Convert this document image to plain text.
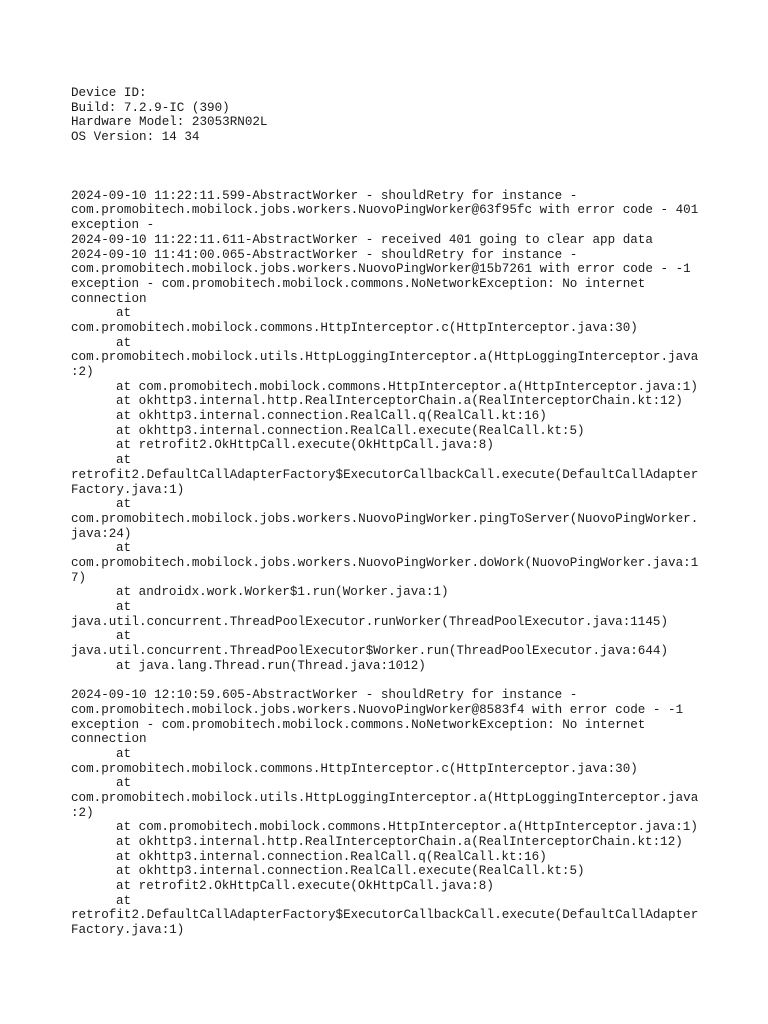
Device ID:
Build: 7.2.9-IC (390)
Hardware Model: 23053RN02L
OS Version: 14 34
2024-09-10 11:22:11.599-AbstractWorker - shouldRetry for instance -
com.promobitech.mobilock.jobs.workers.NuovoPingWorker@63f95fc with error code - 401
exception -
2024-09-10 11:22:11.611-AbstractWorker - received 401 going to clear app data
2024-09-10 11:41:00.065-AbstractWorker - shouldRetry for instance -
com.promobitech.mobilock.jobs.workers.NuovoPingWorker@15b7261 with error code - -1
exception - com.promobitech.mobilock.commons.NoNetworkException: No internet
connection
at
com.promobitech.mobilock.commons.HttpInterceptor.c(HttpInterceptor.java:30)
at
com.promobitech.mobilock.utils.HttpLoggingInterceptor.a(HttpLoggingInterceptor.java
:2)
at com.promobitech.mobilock.commons.HttpInterceptor.a(HttpInterceptor.java:1)
at okhttp3.internal.http.RealInterceptorChain.a(RealInterceptorChain.kt:12)
at okhttp3.internal.connection.RealCall.q(RealCall.kt:16)
at okhttp3.internal.connection.RealCall.execute(RealCall.kt:5)
at retrofit2.OkHttpCall.execute(OkHttpCall.java:8)
at
retrofit2.DefaultCallAdapterFactory$ExecutorCallbackCall.execute(DefaultCallAdapter
Factory.java:1)
at
com.promobitech.mobilock.jobs.workers.NuovoPingWorker.pingToServer(NuovoPingWorker.
java:24)
at
com.promobitech.mobilock.jobs.workers.NuovoPingWorker.doWork(NuovoPingWorker.java:1
7)
at androidx.work.Worker$1.run(Worker.java:1)
at
java.util.concurrent.ThreadPoolExecutor.runWorker(ThreadPoolExecutor.java:1145)
at
java.util.concurrent.ThreadPoolExecutor$Worker.run(ThreadPoolExecutor.java:644)
at java.lang.Thread.run(Thread.java:1012)
2024-09-10 12:10:59.605-AbstractWorker - shouldRetry for instance -
com.promobitech.mobilock.jobs.workers.NuovoPingWorker@8583f4 with error code - -1
exception - com.promobitech.mobilock.commons.NoNetworkException: No internet
connection
at
com.promobitech.mobilock.commons.HttpInterceptor.c(HttpInterceptor.java:30)
at
com.promobitech.mobilock.utils.HttpLoggingInterceptor.a(HttpLoggingInterceptor.java
:2)
at com.promobitech.mobilock.commons.HttpInterceptor.a(HttpInterceptor.java:1)
at okhttp3.internal.http.RealInterceptorChain.a(RealInterceptorChain.kt:12)
at okhttp3.internal.connection.RealCall.q(RealCall.kt:16)
at okhttp3.internal.connection.RealCall.execute(RealCall.kt:5)
at retrofit2.OkHttpCall.execute(OkHttpCall.java:8)
at
retrofit2.DefaultCallAdapterFactory$ExecutorCallbackCall.execute(DefaultCallAdapter
Factory.java:1)
